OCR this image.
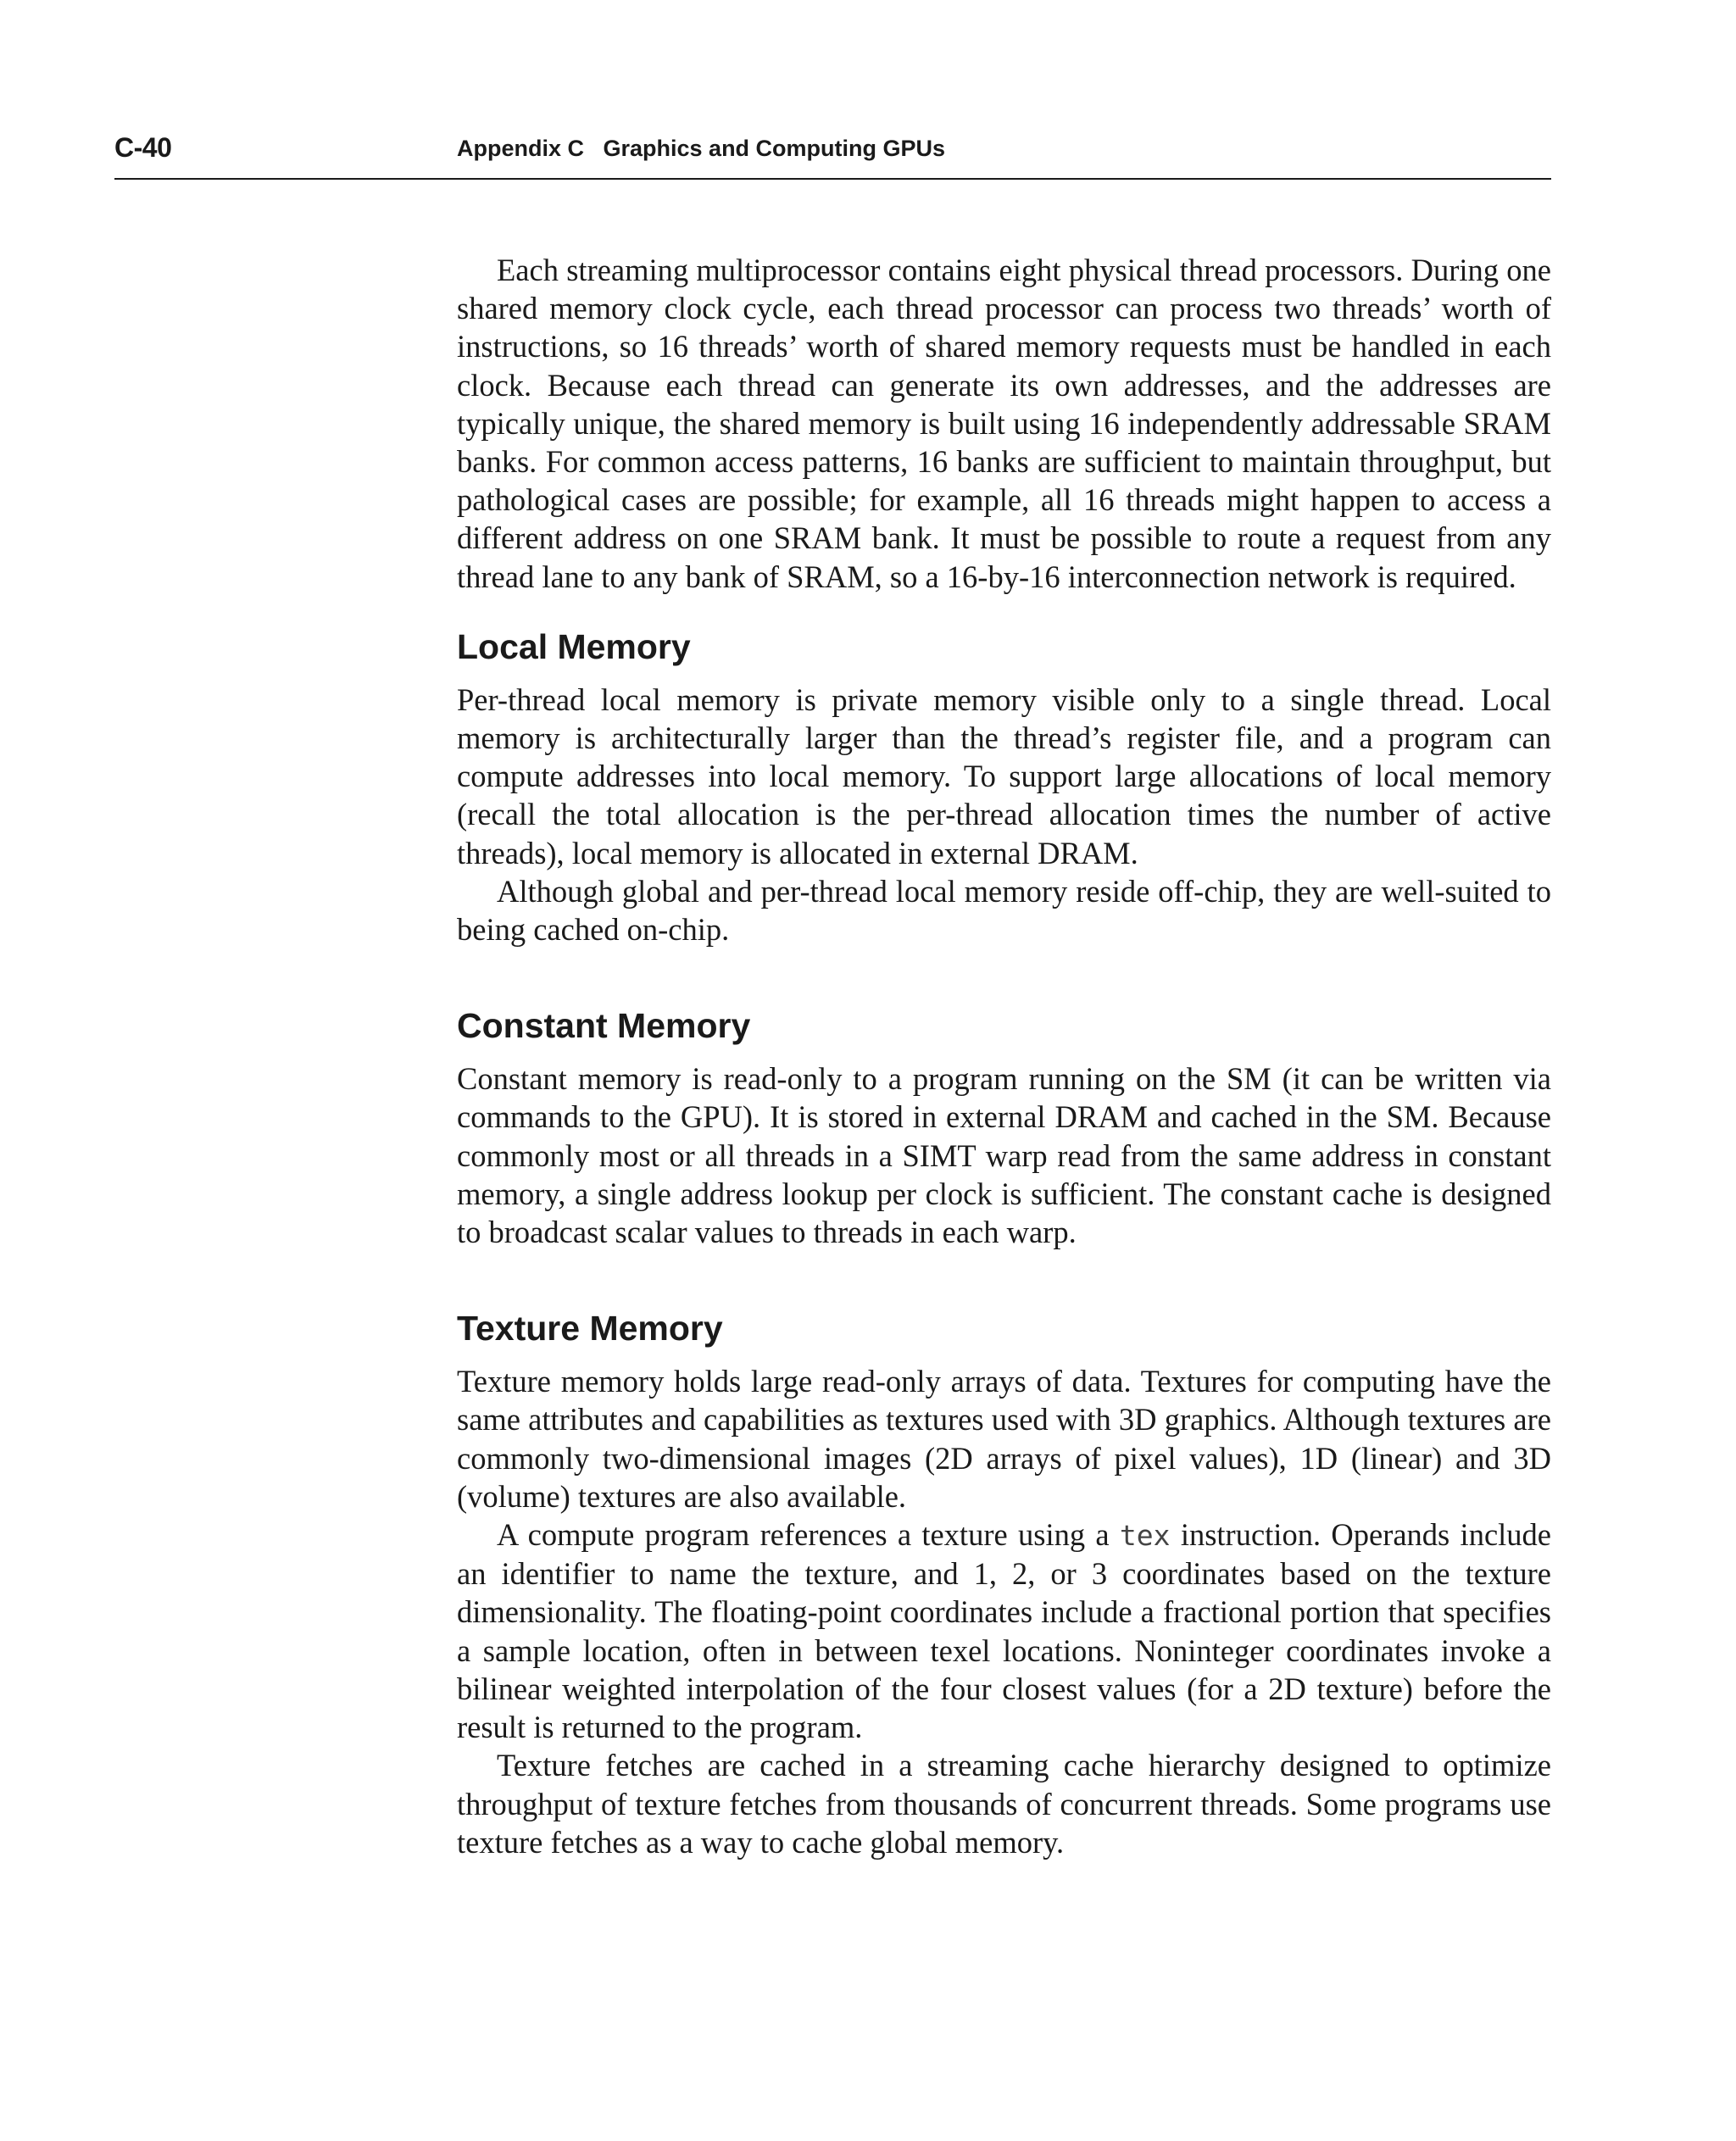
C-40	Appendix C   Graphics and Computing GPUs

Each streaming multiprocessor contains eight physical thread processors. During one shared memory clock cycle, each thread processor can process two threads’ worth of instructions, so 16 threads’ worth of shared memory requests must be handled in each clock. Because each thread can generate its own addresses, and the addresses are typically unique, the shared memory is built using 16 independently addressable SRAM banks. For common access patterns, 16 banks are sufficient to maintain throughput, but pathological cases are possible; for example, all 16 threads might happen to access a different address on one SRAM bank. It must be possible to route a request from any thread lane to any bank of SRAM, so a 16-by-16 interconnection network is required.

Local Memory

Per-thread local memory is private memory visible only to a single thread. Local memory is architecturally larger than the thread’s register file, and a program can compute addresses into local memory. To support large allocations of local memory (recall the total allocation is the per-thread allocation times the number of active threads), local memory is allocated in external DRAM.

Although global and per-thread local memory reside off-chip, they are well-suited to being cached on-chip.

Constant Memory

Constant memory is read-only to a program running on the SM (it can be written via commands to the GPU). It is stored in external DRAM and cached in the SM. Because commonly most or all threads in a SIMT warp read from the same address in constant memory, a single address lookup per clock is sufficient. The constant cache is designed to broadcast scalar values to threads in each warp.

Texture Memory

Texture memory holds large read-only arrays of data. Textures for computing have the same attributes and capabilities as textures used with 3D graphics. Although textures are commonly two-dimensional images (2D arrays of pixel values), 1D (linear) and 3D (volume) textures are also available.

A compute program references a texture using a tex instruction. Operands include an identifier to name the texture, and 1, 2, or 3 coordinates based on the texture dimensionality. The floating-point coordinates include a fractional portion that specifies a sample location, often in between texel locations. Noninteger coordinates invoke a bilinear weighted interpolation of the four closest values (for a 2D texture) before the result is returned to the program.

Texture fetches are cached in a streaming cache hierarchy designed to optimize throughput of texture fetches from thousands of concurrent threads. Some programs use texture fetches as a way to cache global memory.
